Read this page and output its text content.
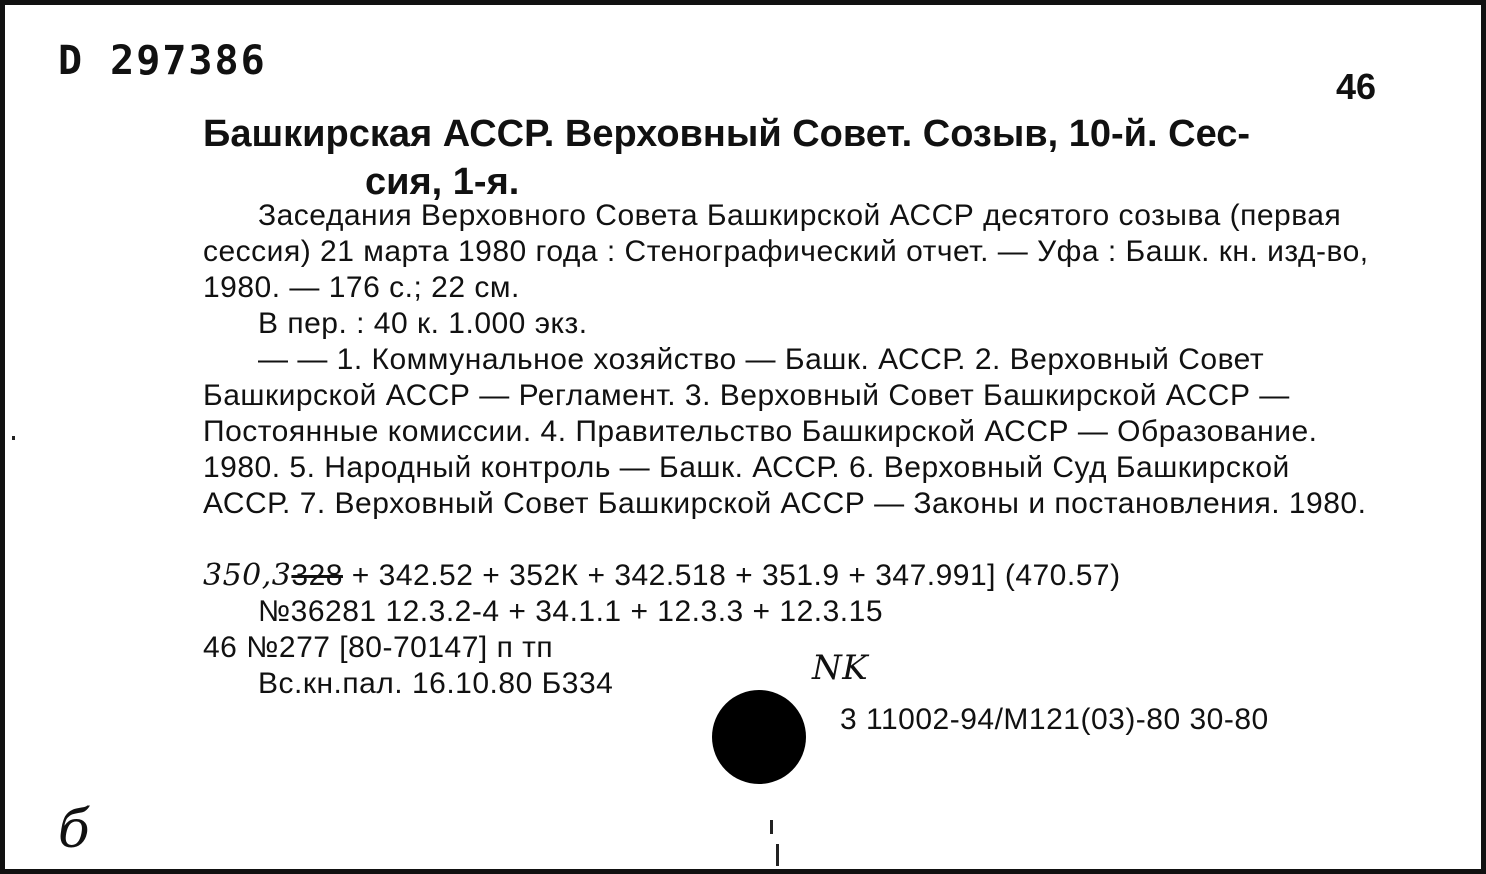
D 297386
46
Башкирская АССР. Верховный Совет. Созыв, 10-й. Сес-
сия, 1-я.
Заседания Верховного Совета Башкирской АССР десятого созыва (первая сессия) 21 марта 1980 года : Стенографический отчет. — Уфа : Башк. кн. изд-во, 1980. — 176 с.; 22 см.
В пер. : 40 к. 1.000 экз.
— — 1. Коммунальное хозяйство — Башк. АССР. 2. Верховный Совет Башкирской АССР — Регламент. 3. Верховный Совет Башкирской АССР — Постоянные комиссии. 4. Правительство Башкирской АССР — Образование. 1980. 5. Народный контроль — Башк. АССР. 6. Верховный Суд Башкирской АССР. 7. Верховный Совет Башкирской АССР — Законы и постановления. 1980.
350,3328 + 342.52 + 352К + 342.518 + 351.9 + 347.991] (470.57)
№36281 12.3.2-4 + 34.1.1 + 12.3.3 + 12.3.15
46 №277 [80-70147] п тп
Вс.кн.пал. 16.10.80 Б334	NK
3 11002-94/М121(03)-80 30-80
б
